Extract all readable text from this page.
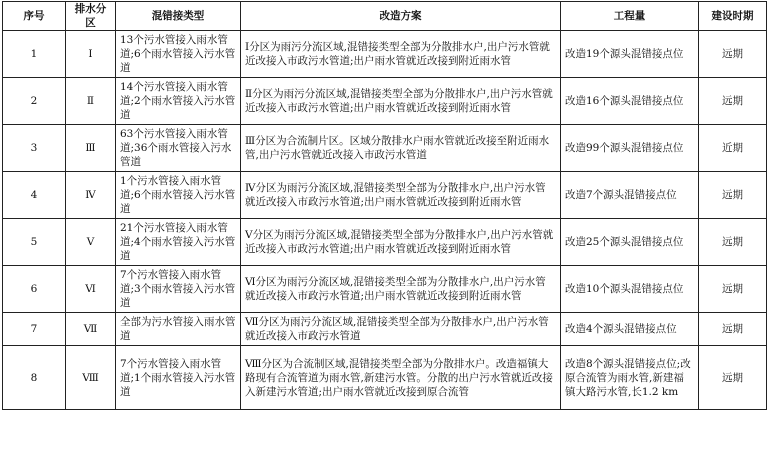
序号	排水分区	混错接类型	改造方案	工程量	建设时期
1	Ⅰ	13个污水管接入雨水管道;6个雨水管接入污水管道	Ⅰ分区为雨污分流区域,混错接类型全部为分散排水户,出户污水管就近改接入市政污水管道;出户雨水管就近改接到附近雨水管	改造19个源头混错接点位	远期
2	Ⅱ	14个污水管接入雨水管道;2个雨水管接入污水管道	Ⅱ分区为雨污分流区域,混错接类型全部为分散排水户,出户污水管就近改接入市政污水管道;出户雨水管就近改接到附近雨水管	改造16个源头混错接点位	远期
3	Ⅲ	63个污水管接入雨水管道;36个雨水管接入污水管道	Ⅲ分区为合流制片区。区域分散排水户雨水管就近改接至附近雨水管,出户污水管就近改接入市政污水管道	改造99个源头混错接点位	近期
4	Ⅳ	1个污水管接入雨水管道;6个雨水管接入污水管道	Ⅳ分区为雨污分流区域,混错接类型全部为分散排水户,出户污水管就近改接入市政污水管道;出户雨水管就近改接到附近雨水管	改造7个源头混错接点位	远期
5	Ⅴ	21个污水管接入雨水管道;4个雨水管接入污水管道	Ⅴ分区为雨污分流区域,混错接类型全部为分散排水户,出户污水管就近改接入市政污水管道;出户雨水管就近改接到附近雨水管	改造25个源头混错接点位	远期
6	Ⅵ	7个污水管接入雨水管道;3个雨水管接入污水管道	Ⅵ分区为雨污分流区域,混错接类型全部为分散排水户,出户污水管就近改接入市政污水管道;出户雨水管就近改接到附近雨水管	改造10个源头混错接点位	远期
7	Ⅶ	全部为污水管接入雨水管道	Ⅶ分区为雨污分流区域,混错接类型全部为分散排水户,出户污水管就近改接入市政污水管道	改造4个源头混错接点位	远期
8	Ⅷ	7个污水管接入雨水管道;1个雨水管接入污水管道	Ⅷ分区为合流制区域,混错接类型全部为分散排水户。改造福镇大路现有合流管道为雨水管,新建污水管。分散的出户污水管就近改接入新建污水管道;出户雨水管就近改接到原合流管	改造8个源头混错接点位;改原合流管为雨水管,新建福镇大路污水管,长1.2 km	远期
